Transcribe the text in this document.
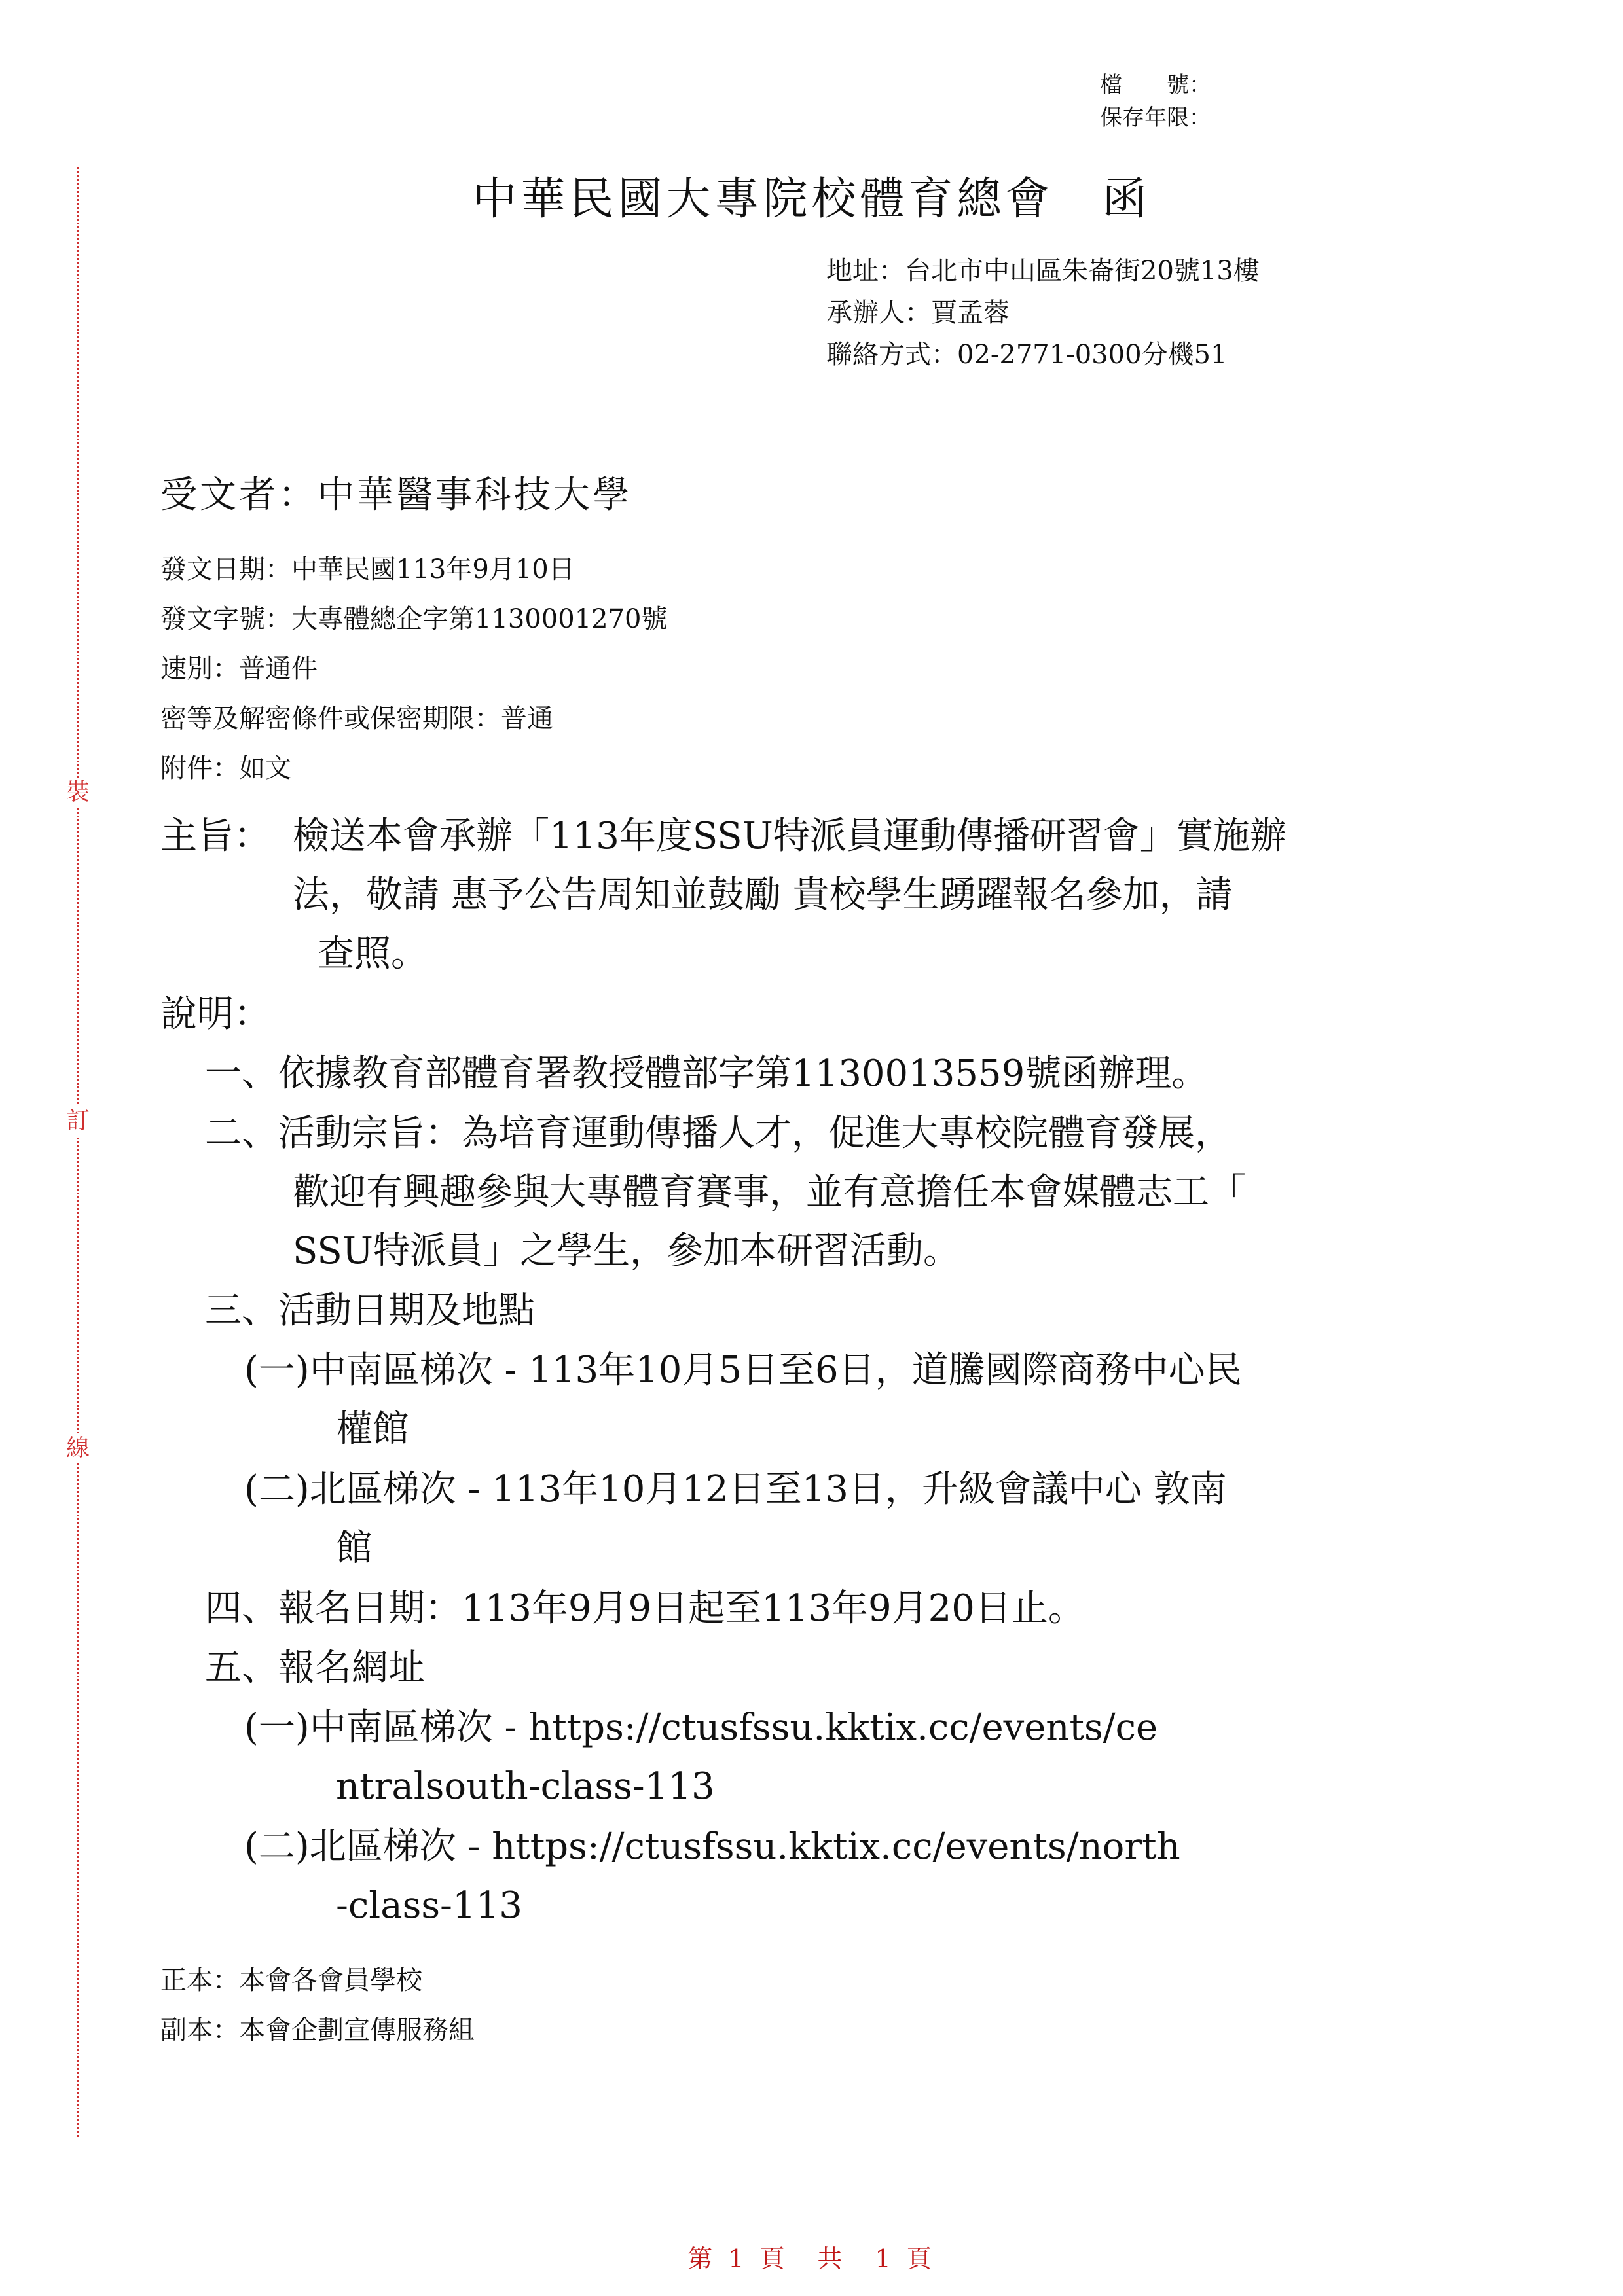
裝
訂
線
檔　　號：
保存年限：
中華民國大專院校體育總會　函
地址：台北市中山區朱崙街20號13樓
承辦人：賈孟蓉
聯絡方式：02-2771-0300分機51
受文者：中華醫事科技大學
發文日期：中華民國113年9月10日
發文字號：大專體總企字第1130001270號
速別：普通件
密等及解密條件或保密期限：普通
附件：如文
主旨： 檢送本會承辦「113年度SSU特派員運動傳播研習會」實施辦
法，敬請 惠予公告周知並鼓勵 貴校學生踴躍報名參加，請
查照。
說明：
一、依據教育部體育署教授體部字第1130013559號函辦理。
二、活動宗旨：為培育運動傳播人才，促進大專校院體育發展，
歡迎有興趣參與大專體育賽事，並有意擔任本會媒體志工「
SSU特派員」之學生，參加本研習活動。
三、活動日期及地點
(一)中南區梯次 - 113年10月5日至6日，道騰國際商務中心民
權館
(二)北區梯次 - 113年10月12日至13日，升級會議中心 敦南
館
四、報名日期：113年9月9日起至113年9月20日止。
五、報名網址
(一)中南區梯次 - https://ctusfssu.kktix.cc/events/ce
ntralsouth-class-113
(二)北區梯次 - https://ctusfssu.kktix.cc/events/north
-class-113
正本：本會各會員學校
副本：本會企劃宣傳服務組
第 1 頁　共　1 頁
